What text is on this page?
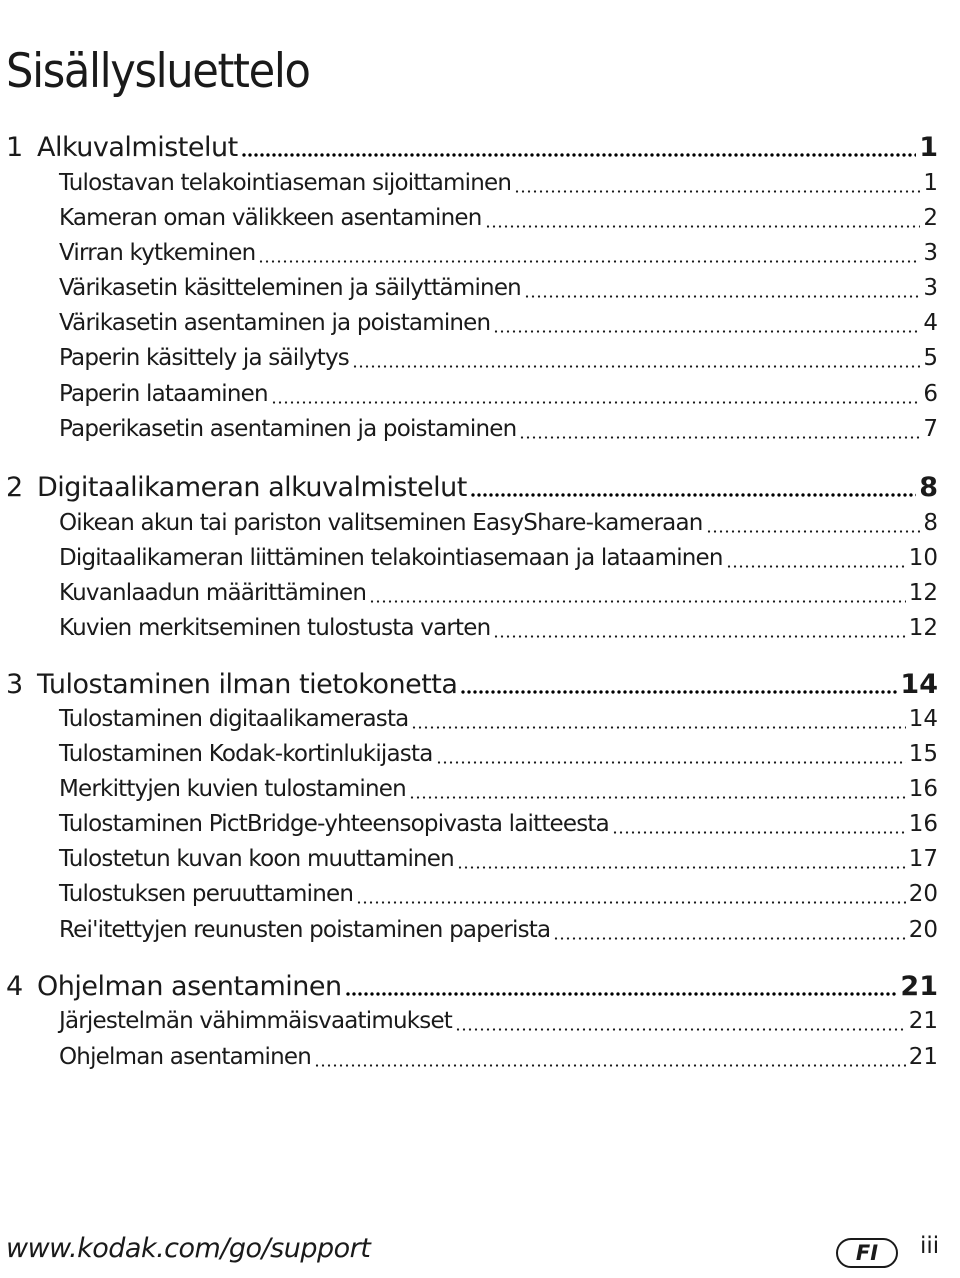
Sisällysluettelo
1 Alkuvalmistelut	1
Tulostavan telakointiaseman sijoittaminen	1
Kameran oman välikkeen asentaminen	2
Virran kytkeminen	3
Värikasetin käsitteleminen ja säilyttäminen	3
Värikasetin asentaminen ja poistaminen	4
Paperin käsittely ja säilytys	5
Paperin lataaminen	6
Paperikasetin asentaminen ja poistaminen	7
2 Digitaalikameran alkuvalmistelut	8
Oikean akun tai pariston valitseminen EasyShare-kameraan	8
Digitaalikameran liittäminen telakointiasemaan ja lataaminen	10
Kuvanlaadun määrittäminen	12
Kuvien merkitseminen tulostusta varten	12
3 Tulostaminen ilman tietokonetta	14
Tulostaminen digitaalikamerasta	14
Tulostaminen Kodak-kortinlukijasta	15
Merkittyjen kuvien tulostaminen	16
Tulostaminen PictBridge-yhteensopivasta laitteesta	16
Tulostetun kuvan koon muuttaminen	17
Tulostuksen peruuttaminen	20
Rei'itettyjen reunusten poistaminen paperista	20
4 Ohjelman asentaminen	21
Järjestelmän vähimmäisvaatimukset	21
Ohjelman asentaminen	21
www.kodak.com/go/support	FI	iii
